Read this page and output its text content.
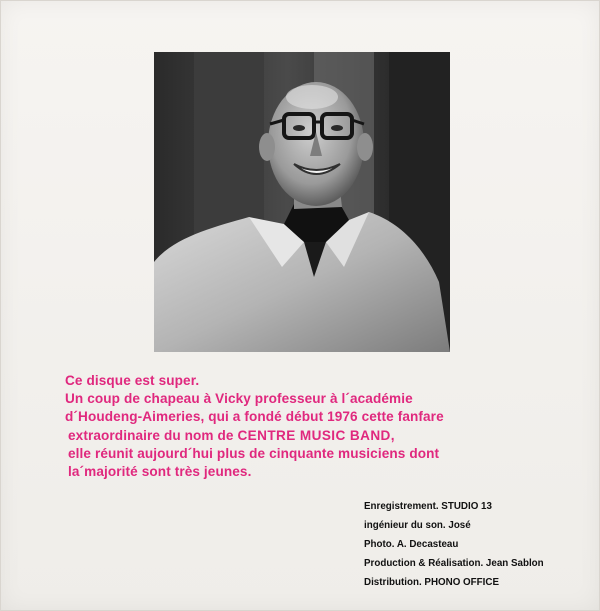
Ce disque est super.
Un coup de chapeau à Vicky professeur à l´académie
d´Houdeng-Aimeries, qui a fondé début 1976 cette fanfare
extraordinaire du nom de CENTRE MUSIC BAND,
elle réunit aujourd´hui plus de cinquante musiciens dont
la´majorité sont très jeunes.
Enregistrement. STUDIO 13
ingénieur du son. José
Photo. A. Decasteau
Production & Réalisation. Jean Sablon
Distribution. PHONO OFFICE
